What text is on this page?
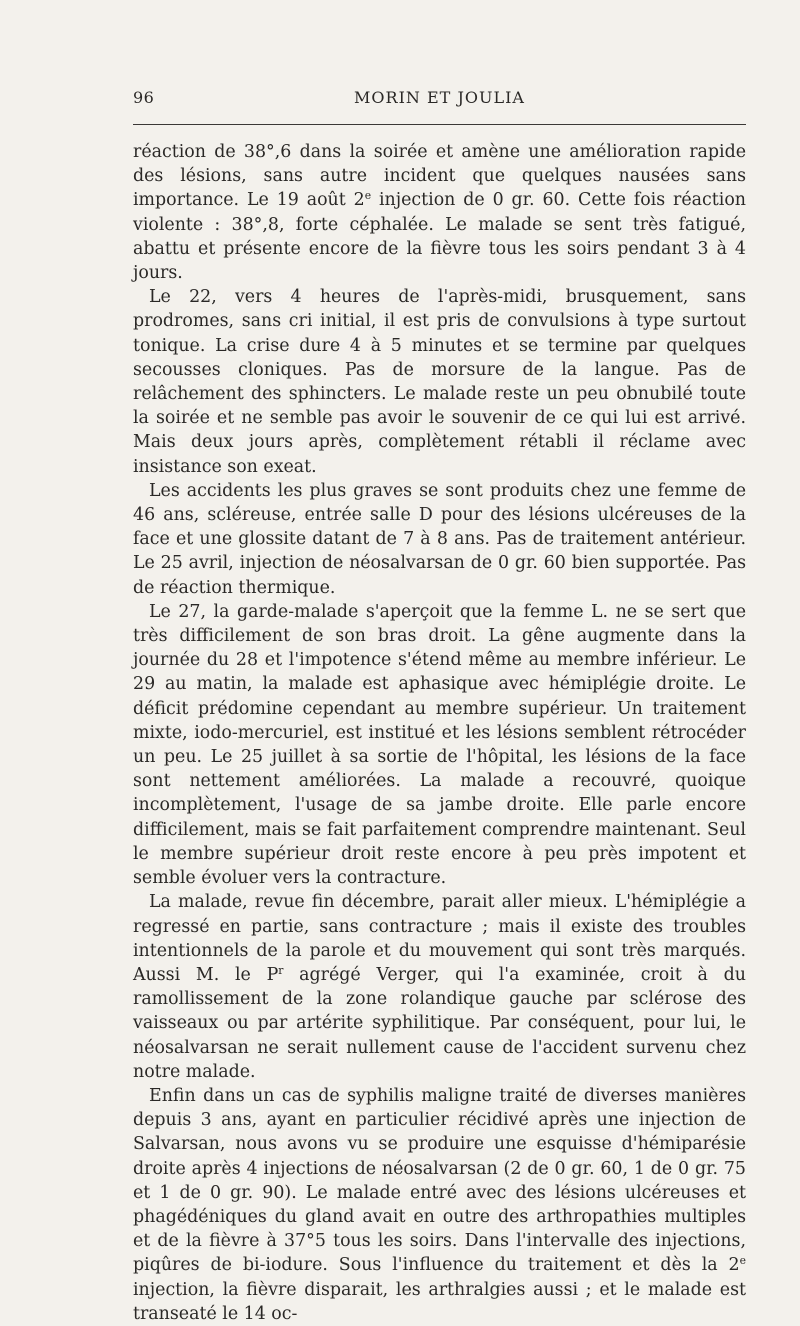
96	MORIN ET JOULIA

réaction de 38°,6 dans la soirée et amène une amélioration rapide des lésions, sans autre incident que quelques nausées sans importance. Le 19 août 2e injection de 0 gr. 60. Cette fois réaction violente : 38°,8, forte céphalée. Le malade se sent très fatigué, abattu et présente encore de la fièvre tous les soirs pendant 3 à 4 jours.

Le 22, vers 4 heures de l'après-midi, brusquement, sans prodromes, sans cri initial, il est pris de convulsions à type surtout tonique. La crise dure 4 à 5 minutes et se termine par quelques secousses cloniques. Pas de morsure de la langue. Pas de relâchement des sphincters. Le malade reste un peu obnubilé toute la soirée et ne semble pas avoir le souvenir de ce qui lui est arrivé. Mais deux jours après, complètement rétabli il réclame avec insistance son exeat.

Les accidents les plus graves se sont produits chez une femme de 46 ans, scléreuse, entrée salle D pour des lésions ulcéreuses de la face et une glossite datant de 7 à 8 ans. Pas de traitement antérieur. Le 25 avril, injection de néosalvarsan de 0 gr. 60 bien supportée. Pas de réaction thermique.

Le 27, la garde-malade s'aperçoit que la femme L. ne se sert que très difficilement de son bras droit. La gêne augmente dans la journée du 28 et l'impotence s'étend même au membre inférieur. Le 29 au matin, la malade est aphasique avec hémiplégie droite. Le déficit prédomine cependant au membre supérieur. Un traitement mixte, iodo-mercuriel, est institué et les lésions semblent rétrocéder un peu. Le 25 juillet à sa sortie de l'hôpital, les lésions de la face sont nettement améliorées. La malade a recouvré, quoique incomplètement, l'usage de sa jambe droite. Elle parle encore difficilement, mais se fait parfaitement comprendre maintenant. Seul le membre supérieur droit reste encore à peu près impotent et semble évoluer vers la contracture.

La malade, revue fin décembre, parait aller mieux. L'hémiplégie a regressé en partie, sans contracture ; mais il existe des troubles intentionnels de la parole et du mouvement qui sont très marqués. Aussi M. le $P^r$ agrégé Verger, qui l'a examinée, croit à du ramollissement de la zone rolandique gauche par sclérose des vaisseaux ou par artérite syphilitique. Par conséquent, pour lui, le néosalvarsan ne serait nullement cause de l'accident survenu chez notre malade.

Enfin dans un cas de syphilis maligne traité de diverses manières depuis 3 ans, ayant en particulier récidivé après une injection de Salvarsan, nous avons vu se produire une esquisse d'hémiparésie droite après 4 injections de néosalvarsan (2 de 0 gr. 60, 1 de 0 gr. 75 et 1 de 0 gr. 90). Le malade entré avec des lésions ulcéreuses et phagédéniques du gland avait en outre des arthropathies multiples et de la fièvre à 37°5 tous les soirs. Dans l'intervalle des injections, piqûres de bi-iodure. Sous l'influence du traitement et dès la 2e injection, la fièvre disparait, les arthralgies aussi ; et le malade est transeaté le 14 oc-
